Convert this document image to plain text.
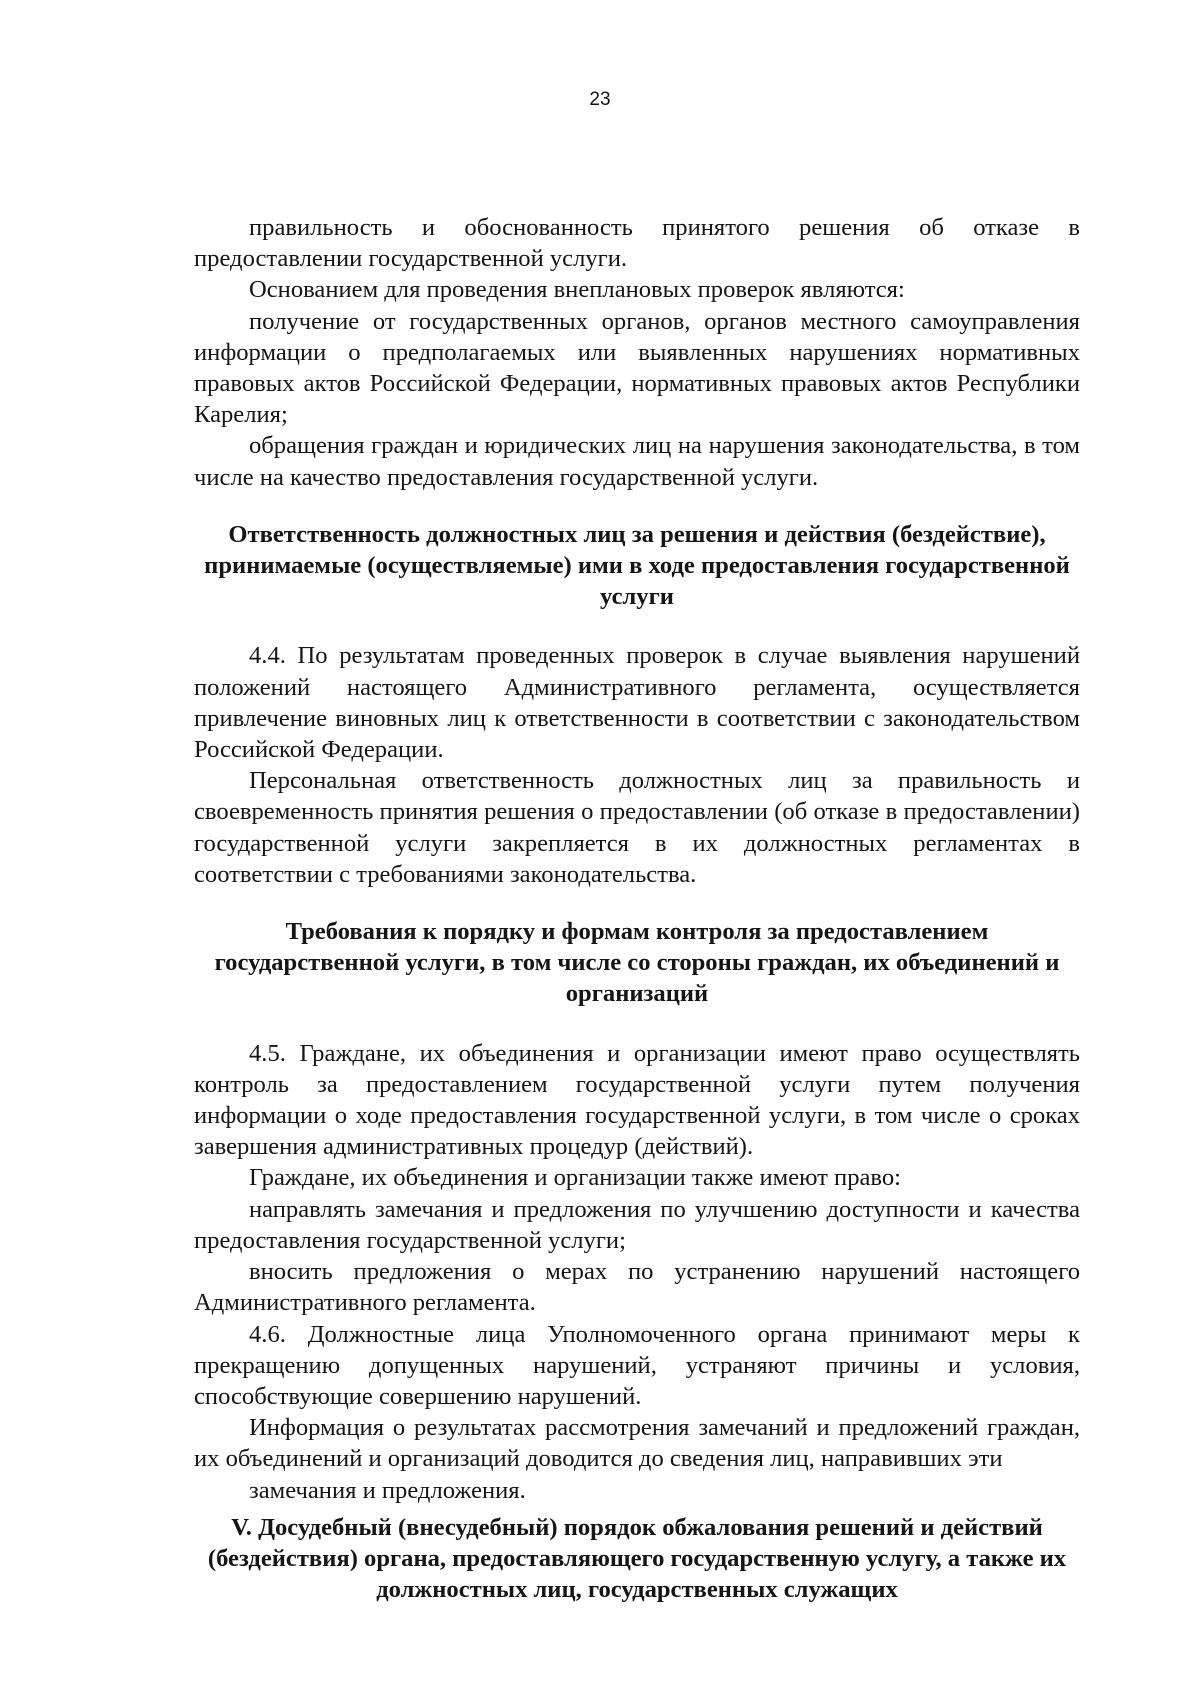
23

правильность и обоснованность принятого решения об отказе в предоставлении государственной услуги.

Основанием для проведения внеплановых проверок являются:

получение от государственных органов, органов местного самоуправления информации о предполагаемых или выявленных нарушениях нормативных правовых актов Российской Федерации, нормативных правовых актов Республики Карелия;

обращения граждан и юридических лиц на нарушения законодательства, в том числе на качество предоставления государственной услуги.

Ответственность должностных лиц за решения и действия (бездействие), принимаемые (осуществляемые) ими в ходе предоставления государственной услуги

4.4. По результатам проведенных проверок в случае выявления нарушений положений настоящего Административного регламента, осуществляется привлечение виновных лиц к ответственности в соответствии с законодательством Российской Федерации.

Персональная ответственность должностных лиц за правильность и своевременность принятия решения о предоставлении (об отказе в предоставлении) государственной услуги закрепляется в их должностных регламентах в соответствии с требованиями законодательства.

Требования к порядку и формам контроля за предоставлением государственной услуги, в том числе со стороны граждан, их объединений и организаций

4.5. Граждане, их объединения и организации имеют право осуществлять контроль за предоставлением государственной услуги путем получения информации о ходе предоставления государственной услуги, в том числе о сроках завершения административных процедур (действий).

Граждане, их объединения и организации также имеют право:

направлять замечания и предложения по улучшению доступности и качества предоставления государственной услуги;

вносить предложения о мерах по устранению нарушений настоящего Административного регламента.

4.6. Должностные лица Уполномоченного органа принимают меры к прекращению допущенных нарушений, устраняют причины и условия, способствующие совершению нарушений.

Информация о результатах рассмотрения замечаний и предложений граждан, их объединений и организаций доводится до сведения лиц, направивших эти

замечания и предложения.

V. Досудебный (внесудебный) порядок обжалования решений и действий (бездействия) органа, предоставляющего государственную услугу, а также их должностных лиц, государственных служащих
